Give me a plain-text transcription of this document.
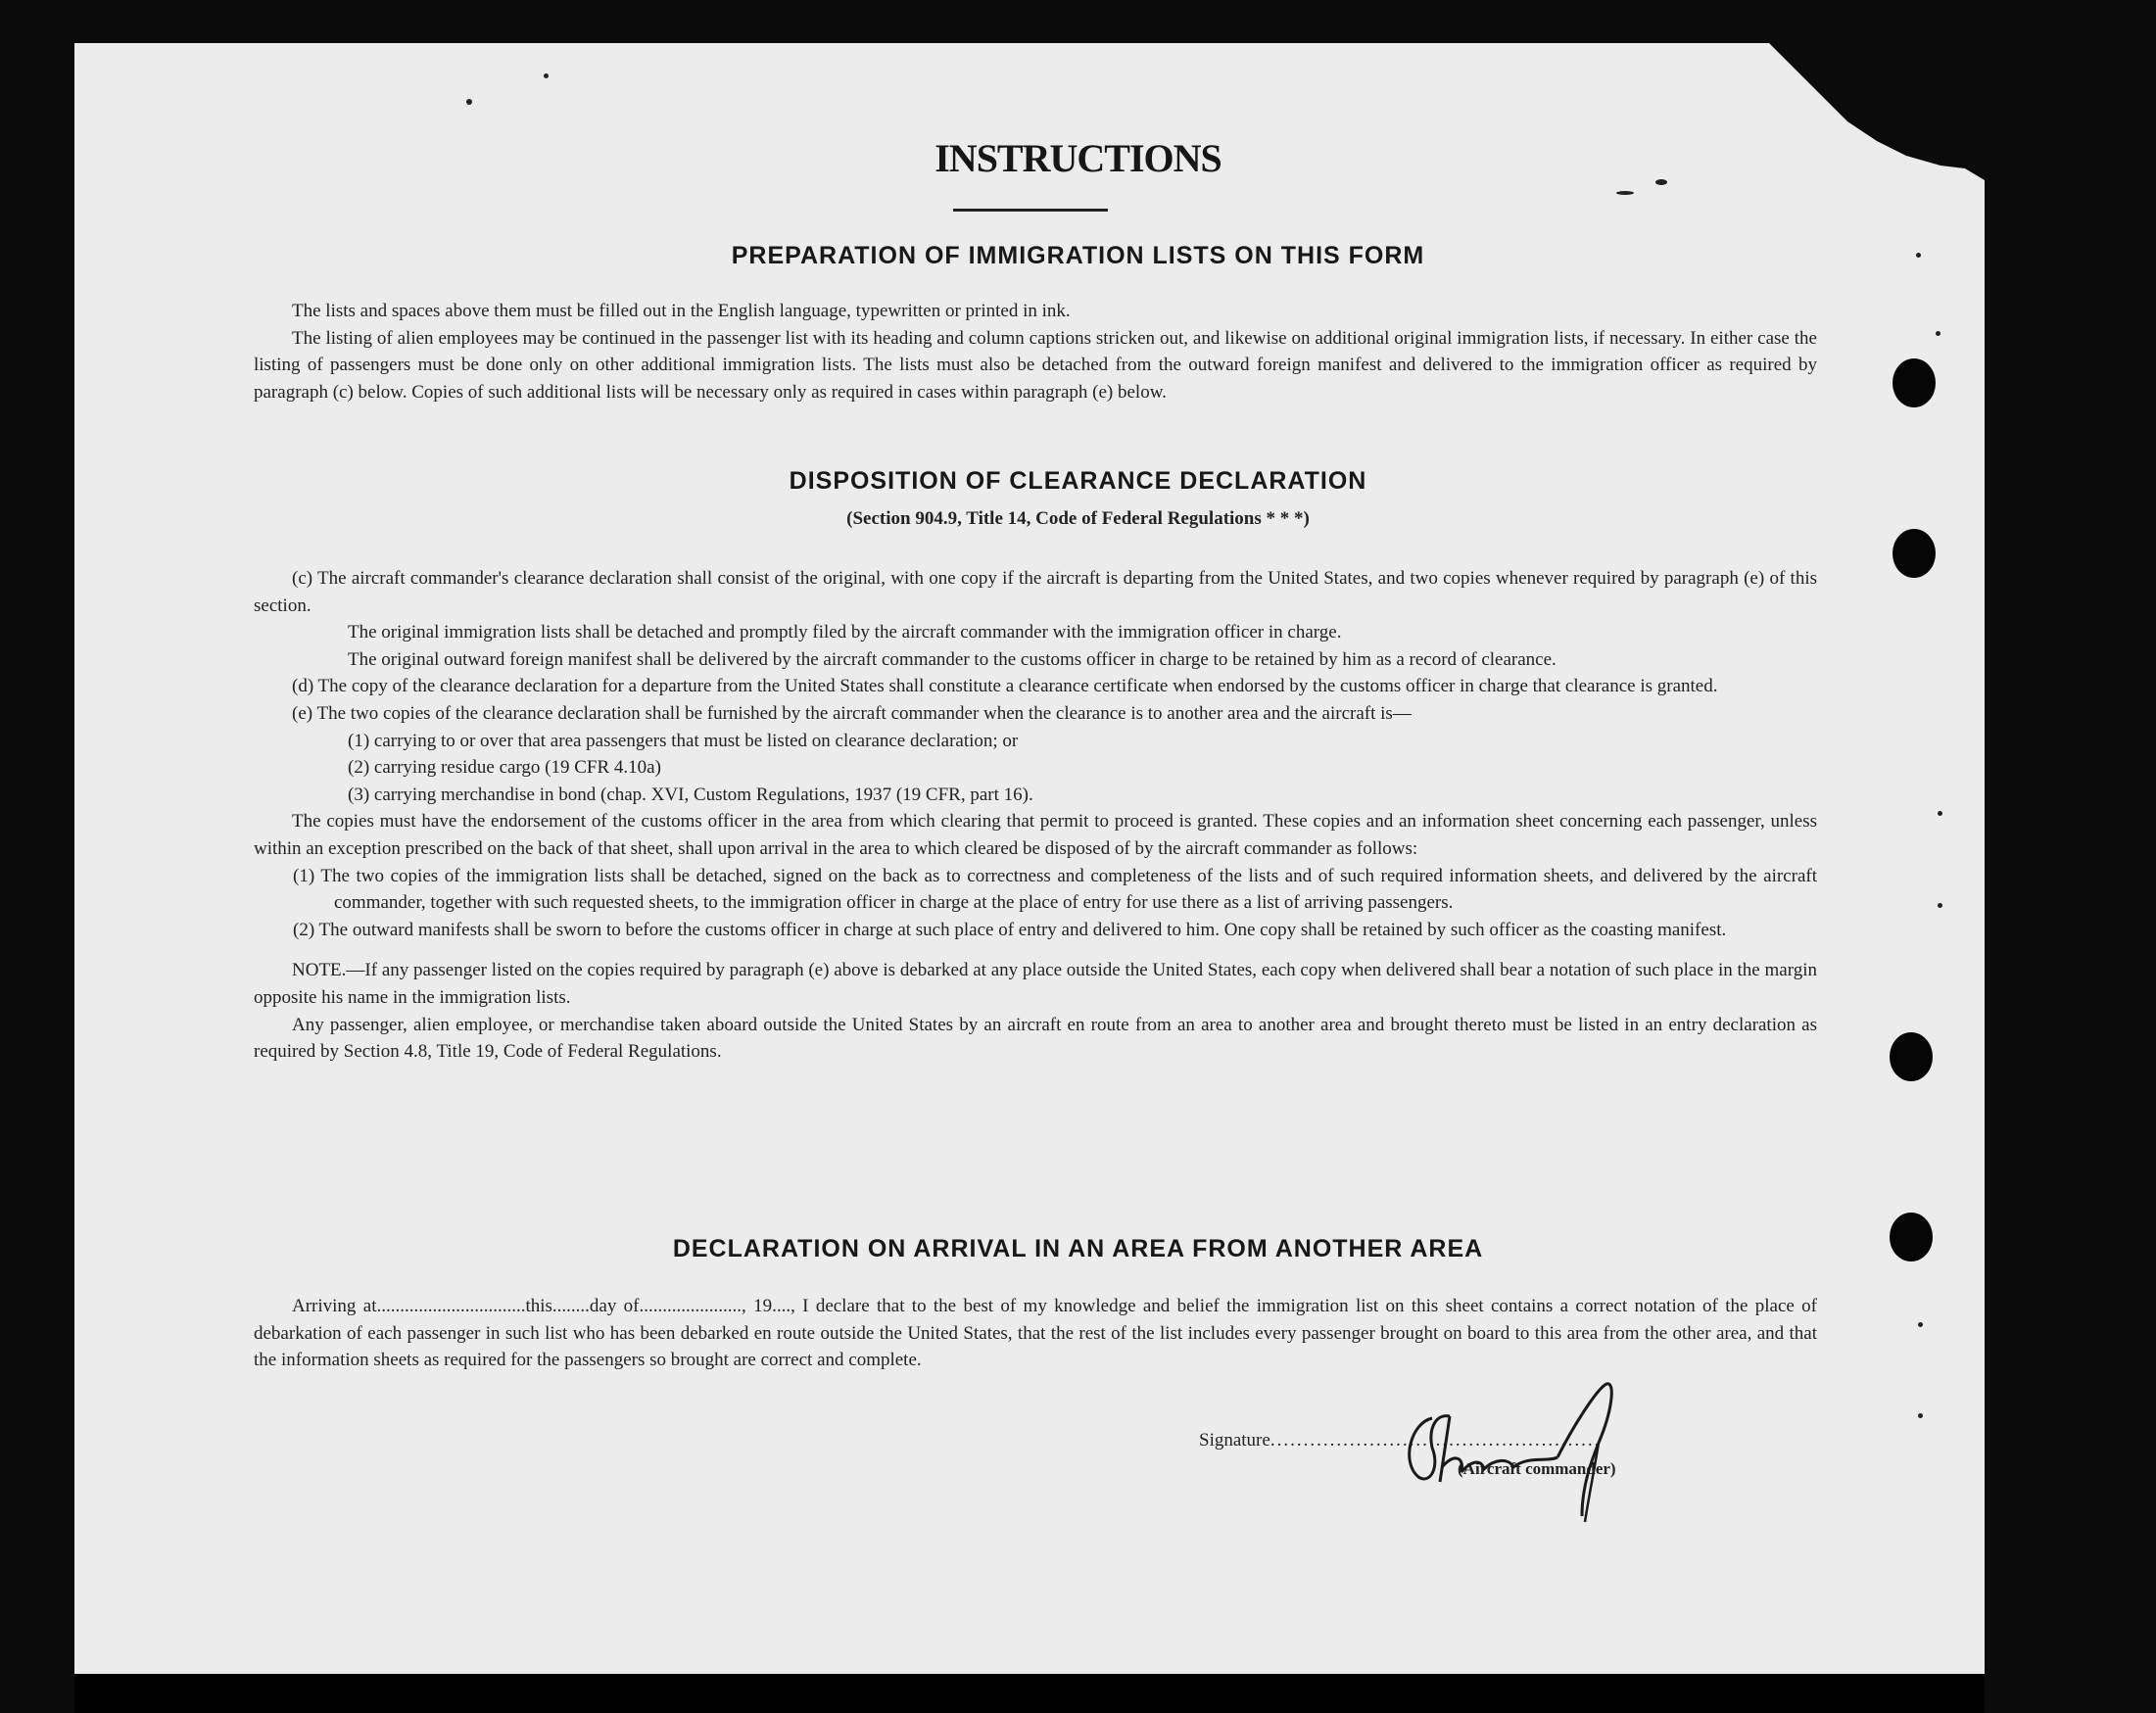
INSTRUCTIONS
PREPARATION OF IMMIGRATION LISTS ON THIS FORM

The lists and spaces above them must be filled out in the English language, typewritten or printed in ink.

The listing of alien employees may be continued in the passenger list with its heading and column captions stricken out, and likewise on additional original immigration lists, if necessary. In either case the listing of passengers must be done only on other additional immigration lists. The lists must also be detached from the outward foreign manifest and delivered to the immigration officer as required by paragraph (c) below. Copies of such additional lists will be necessary only as required in cases within paragraph (e) below.

DISPOSITION OF CLEARANCE DECLARATION
(Section 904.9, Title 14, Code of Federal Regulations * * *)

(c) The aircraft commander's clearance declaration shall consist of the original, with one copy if the aircraft is departing from the United States, and two copies whenever required by paragraph (e) of this section.

The original immigration lists shall be detached and promptly filed by the aircraft commander with the immigration officer in charge.

The original outward foreign manifest shall be delivered by the aircraft commander to the customs officer in charge to be retained by him as a record of clearance.

(d) The copy of the clearance declaration for a departure from the United States shall constitute a clearance certificate when endorsed by the customs officer in charge that clearance is granted.

(e) The two copies of the clearance declaration shall be furnished by the aircraft commander when the clearance is to another area and the aircraft is—

(1) carrying to or over that area passengers that must be listed on clearance declaration; or

(2) carrying residue cargo (19 CFR 4.10a)

(3) carrying merchandise in bond (chap. XVI, Custom Regulations, 1937 (19 CFR, part 16).

The copies must have the endorsement of the customs officer in the area from which clearing that permit to proceed is granted. These copies and an information sheet concerning each passenger, unless within an exception prescribed on the back of that sheet, shall upon arrival in the area to which cleared be disposed of by the aircraft commander as follows:

(1) The two copies of the immigration lists shall be detached, signed on the back as to correctness and completeness of the lists and of such required information sheets, and delivered by the aircraft commander, together with such requested sheets, to the immigration officer in charge at the place of entry for use there as a list of arriving passengers.

(2) The outward manifests shall be sworn to before the customs officer in charge at such place of entry and delivered to him. One copy shall be retained by such officer as the coasting manifest.

NOTE.—If any passenger listed on the copies required by paragraph (e) above is debarked at any place outside the United States, each copy when delivered shall bear a notation of such place in the margin opposite his name in the immigration lists.

Any passenger, alien employee, or merchandise taken aboard outside the United States by an aircraft en route from an area to another area and brought thereto must be listed in an entry declaration as required by Section 4.8, Title 19, Code of Federal Regulations.

DECLARATION ON ARRIVAL IN AN AREA FROM ANOTHER AREA

Arriving at................................this........day of......................, 19...., I declare that to the best of my knowledge and belief the immigration list on this sheet contains a correct notation of the place of debarkation of each passenger in such list who has been debarked en route outside the United States, that the rest of the list includes every passenger brought on board to this area from the other area, and that the information sheets as required for the passengers so brought are correct and complete.

Signature..................................................
(Aircraft commander)
